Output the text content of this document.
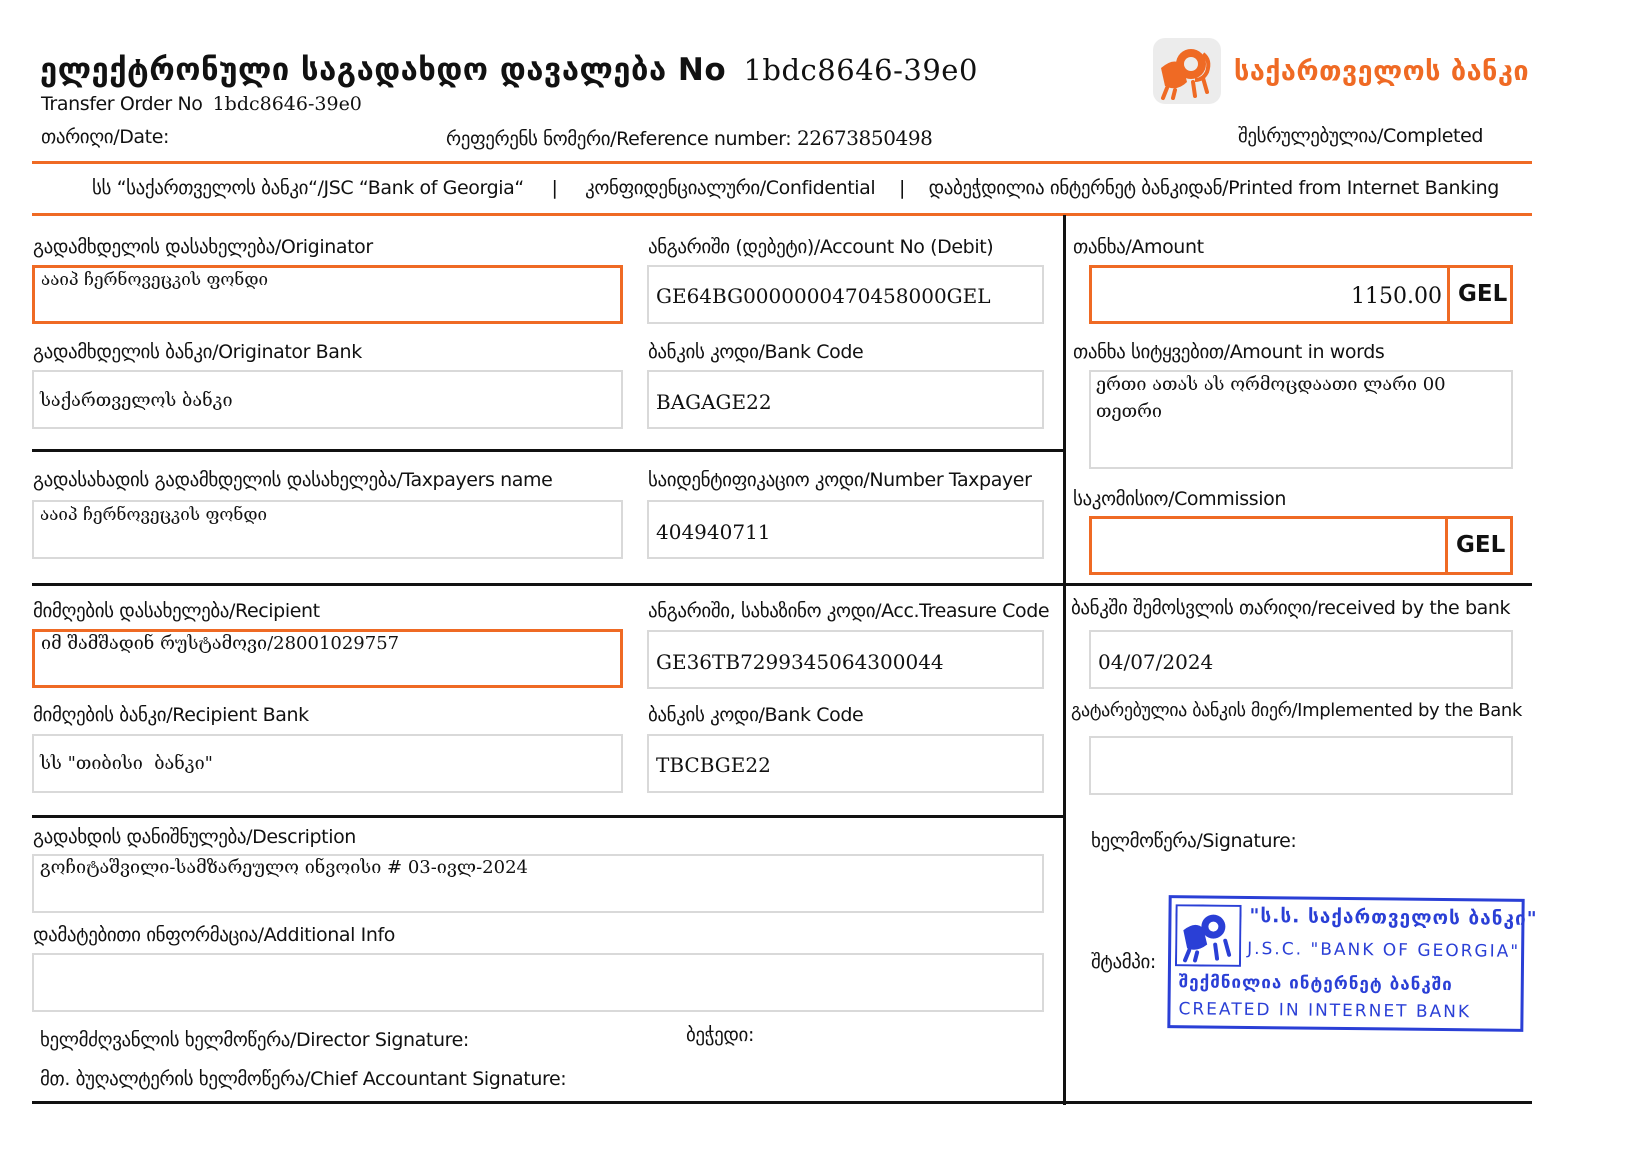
ელექტრონული საგადახდო დავალება No 1bdc8646-39e0
Transfer Order No 1bdc8646-39e0
თარიღი/Date:	რეფერენს ნომერი/Reference number: 22673850498	შესრულებულია/Completed
საქართველოს ბანკი
სს “საქართველოს ბანკი“/JSC “Bank of Georgia“ | კონფიდენციალური/Confidential | დაბეჭდილია ინტერნეტ ბანკიდან/Printed from Internet Banking
გადამხდელის დასახელება/Originator
ააიპ ჩერნოვეცკის ფონდი
ანგარიში (დებეტი)/Account No (Debit)
GE64BG0000000470458000GEL
გადამხდელის ბანკი/Originator Bank
საქართველოს ბანკი
ბანკის კოდი/Bank Code
BAGAGE22
გადასახადის გადამხდელის დასახელება/Taxpayers name
ააიპ ჩერნოვეცკის ფონდი
საიდენტიფიკაციო კოდი/Number Taxpayer
404940711
მიმღების დასახელება/Recipient
იმ შამშადინ რუსტამოვი/28001029757
ანგარიში, სახაზინო კოდი/Acc.Treasure Code
GE36TB7299345064300044
მიმღების ბანკი/Recipient Bank
სს "თიბისი  ბანკი"
ბანკის კოდი/Bank Code
TBCBGE22
გადახდის დანიშნულება/Description
გოჩიტაშვილი-სამზარეულო ინვოისი # 03-ივლ-2024
დამატებითი ინფორმაცია/Additional Info
ხელმძღვანლის ხელმოწერა/Director Signature:	ბეჭედი:
მთ. ბუღალტერის ხელმოწერა/Chief Accountant Signature:
თანხა/Amount
1150.00 GEL
თანხა სიტყვებით/Amount in words
ერთი ათას ას ორმოცდაათი ლარი 00
თეთრი
საკომისიო/Commission
GEL
ბანკში შემოსვლის თარიღი/received by the bank
04/07/2024
გატარებულია ბანკის მიერ/Implemented by the Bank
ხელმოწერა/Signature:
შტამპი:
"ს.ს. საქართველოს ბანკი"
J.S.C. "BANK OF GEORGIA"
შექმნილია ინტერნეტ ბანკში
CREATED IN INTERNET BANK
